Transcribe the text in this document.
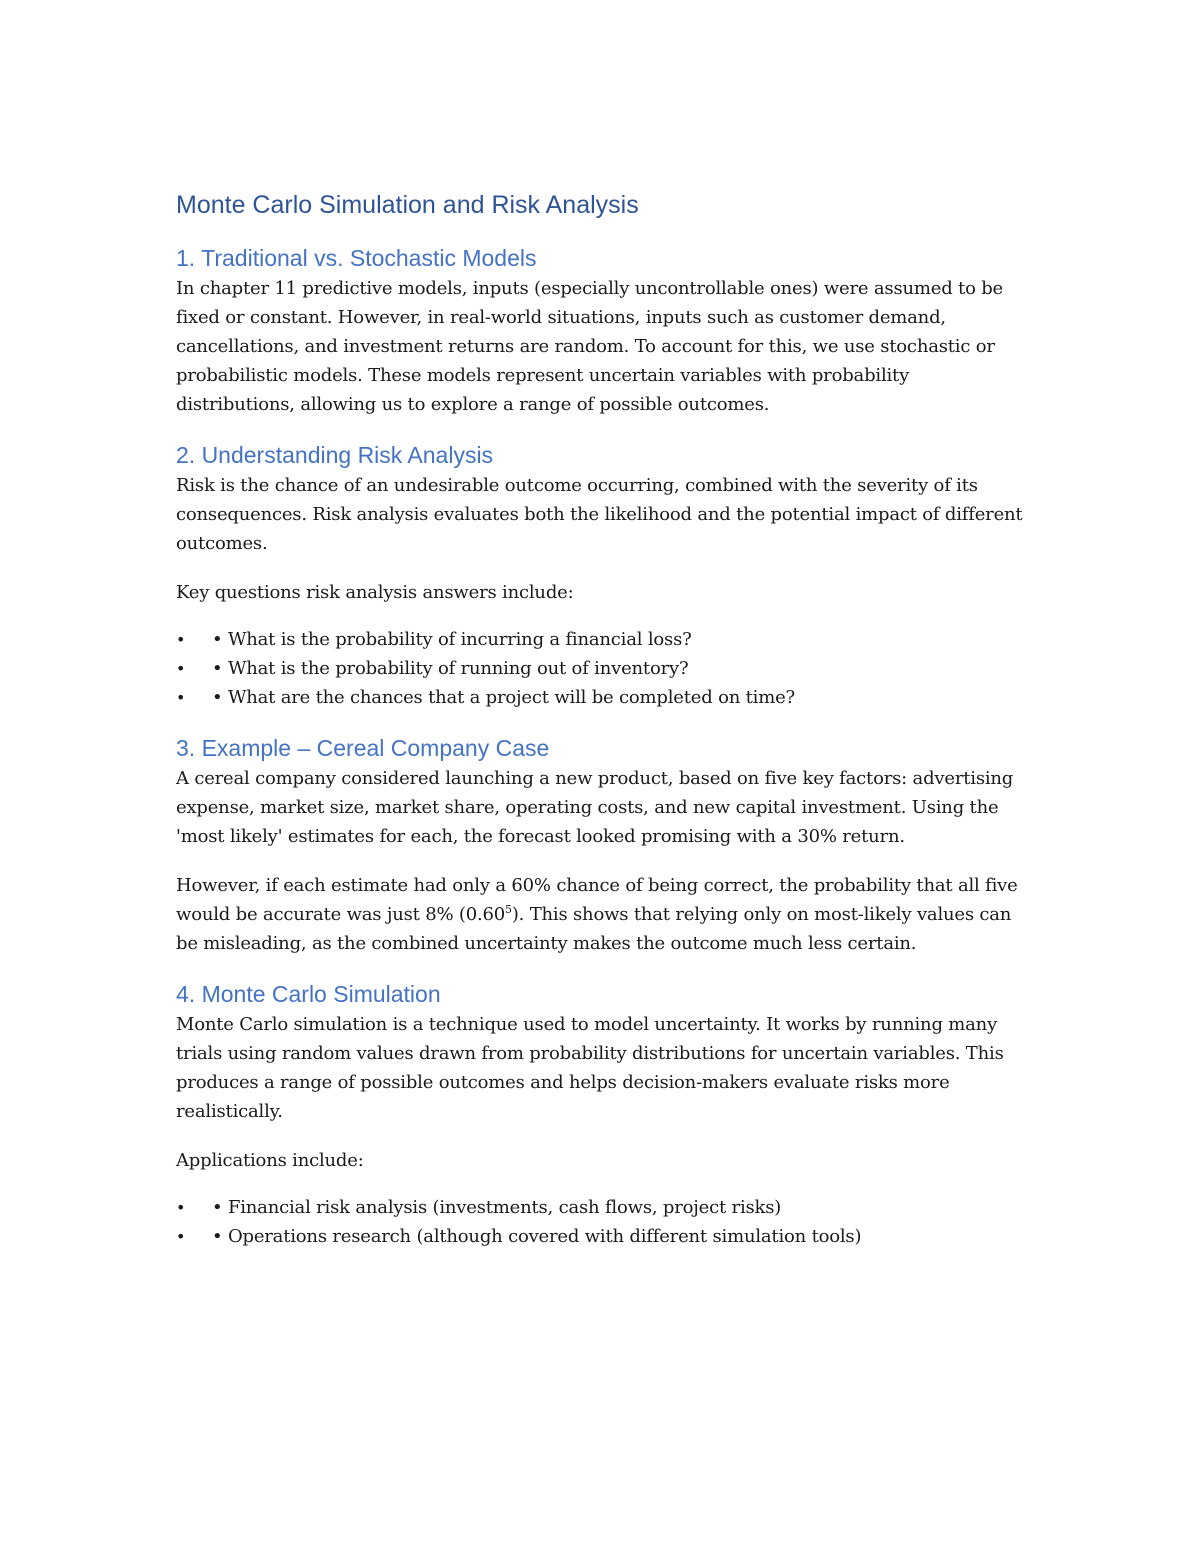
Monte Carlo Simulation and Risk Analysis
1. Traditional vs. Stochastic Models

In chapter 11 predictive models, inputs (especially uncontrollable ones) were assumed to be fixed or constant. However, in real-world situations, inputs such as customer demand, cancellations, and investment returns are random. To account for this, we use stochastic or probabilistic models. These models represent uncertain variables with probability distributions, allowing us to explore a range of possible outcomes.

2. Understanding Risk Analysis

Risk is the chance of an undesirable outcome occurring, combined with the severity of its consequences. Risk analysis evaluates both the likelihood and the potential impact of different outcomes.

Key questions risk analysis answers include:

• • What is the probability of incurring a financial loss?
• • What is the probability of running out of inventory?
• • What are the chances that a project will be completed on time?
3. Example – Cereal Company Case

A cereal company considered launching a new product, based on five key factors: advertising expense, market size, market share, operating costs, and new capital investment. Using the 'most likely' estimates for each, the forecast looked promising with a 30% return.

However, if each estimate had only a 60% chance of being correct, the probability that all five would be accurate was just 8% (0.60$^5$). This shows that relying only on most-likely values can be misleading, as the combined uncertainty makes the outcome much less certain.

4. Monte Carlo Simulation

Monte Carlo simulation is a technique used to model uncertainty. It works by running many trials using random values drawn from probability distributions for uncertain variables. This produces a range of possible outcomes and helps decision-makers evaluate risks more realistically.

Applications include:

• • Financial risk analysis (investments, cash flows, project risks)
• • Operations research (although covered with different simulation tools)
